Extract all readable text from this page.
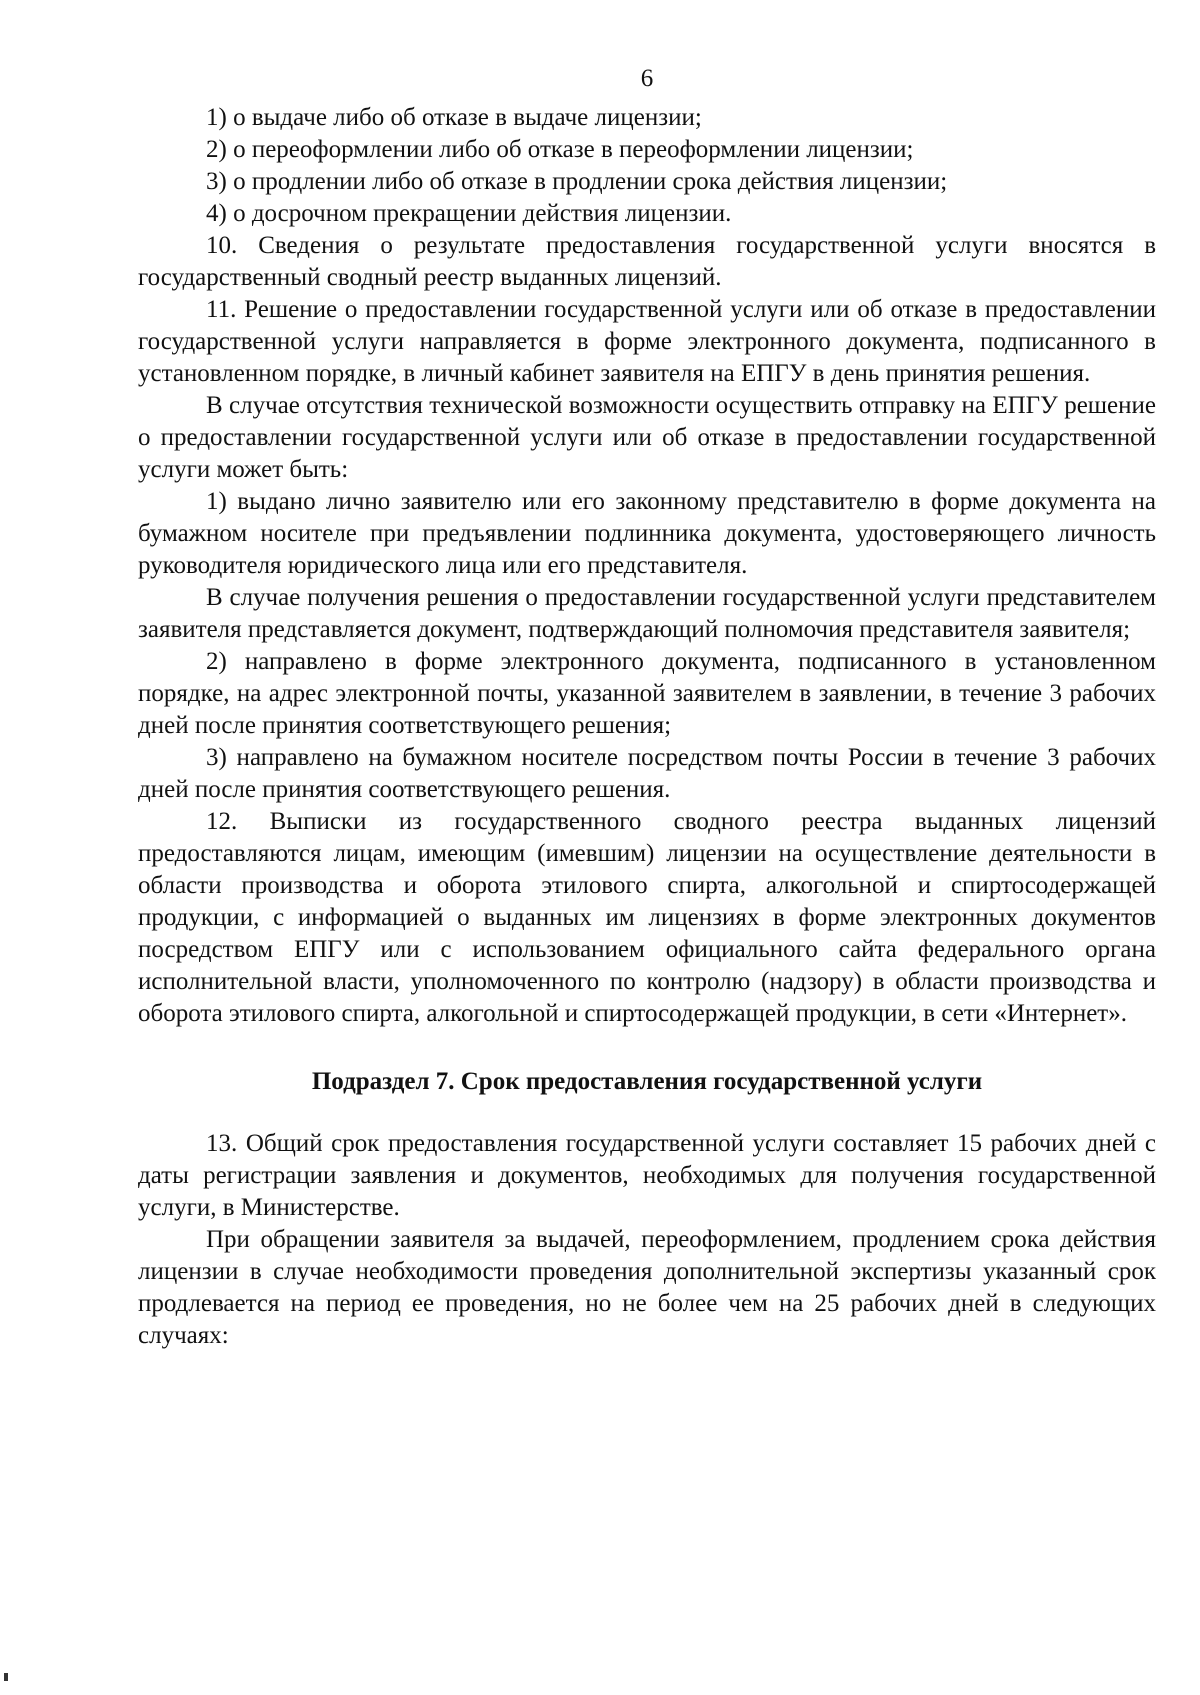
6

1) о выдаче либо об отказе в выдаче лицензии;

2) о переоформлении либо об отказе в переоформлении лицензии;

3) о продлении либо об отказе в продлении срока действия лицензии;

4) о досрочном прекращении действия лицензии.

10. Сведения о результате предоставления государственной услуги вносятся в государственный сводный реестр выданных лицензий.

11. Решение о предоставлении государственной услуги или об отказе в предоставлении государственной услуги направляется в форме электронного документа, подписанного в установленном порядке, в личный кабинет заявителя на ЕПГУ в день принятия решения.

В случае отсутствия технической возможности осуществить отправку на ЕПГУ решение о предоставлении государственной услуги или об отказе в предоставлении государственной услуги может быть:

1) выдано лично заявителю или его законному представителю в форме документа на бумажном носителе при предъявлении подлинника документа, удостоверяющего личность руководителя юридического лица или его представителя.

В случае получения решения о предоставлении государственной услуги представителем заявителя представляется документ, подтверждающий полномочия представителя заявителя;

2) направлено в форме электронного документа, подписанного в установленном порядке, на адрес электронной почты, указанной заявителем в заявлении, в течение 3 рабочих дней после принятия соответствующего решения;

3) направлено на бумажном носителе посредством почты России в течение 3 рабочих дней после принятия соответствующего решения.

12. Выписки из государственного сводного реестра выданных лицензий предоставляются лицам, имеющим (имевшим) лицензии на осуществление деятельности в области производства и оборота этилового спирта, алкогольной и спиртосодержащей продукции, с информацией о выданных им лицензиях в форме электронных документов посредством ЕПГУ или с использованием официального сайта федерального органа исполнительной власти, уполномоченного по контролю (надзору) в области производства и оборота этилового спирта, алкогольной и спиртосодержащей продукции, в сети «Интернет».

Подраздел 7. Срок предоставления государственной услуги

13. Общий срок предоставления государственной услуги составляет 15 рабочих дней с даты регистрации заявления и документов, необходимых для получения государственной услуги, в Министерстве.

При обращении заявителя за выдачей, переоформлением, продлением срока действия лицензии в случае необходимости проведения дополнительной экспертизы указанный срок продлевается на период ее проведения, но не более чем на 25 рабочих дней в следующих случаях:
